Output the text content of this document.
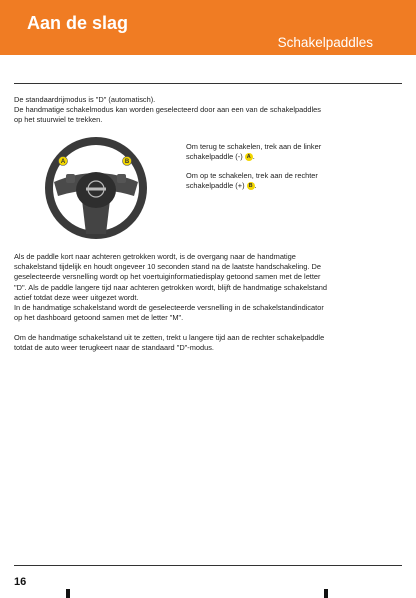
Aan de slag
Schakelpaddles
De standaardrijmodus is "D" (automatisch).
De handmatige schakelmodus kan worden geselecteerd door aan een van de schakelpaddles
op het stuurwiel te trekken.
A	B
Om terug te schakelen, trek aan de linker
schakelpaddle (-) A .
Om op te schakelen, trek aan de rechter
schakelpaddle (+) B .
Als de paddle kort naar achteren getrokken wordt, is de overgang naar de handmatige
schakelstand tijdelijk en houdt ongeveer 10 seconden stand na de laatste handschakeling. De
geselecteerde versnelling wordt op het voertuiginformatiedisplay getoond samen met de letter
"D". Als de paddle langere tijd naar achteren getrokken wordt, blijft de handmatige schakelstand
actief totdat deze weer uitgezet wordt.
In de handmatige schakelstand wordt de geselecteerde versnelling in de schakelstandindicator
op het dashboard getoond samen met de letter "M".
Om de handmatige schakelstand uit te zetten, trekt u langere tijd aan de rechter schakelpaddle
totdat de auto weer terugkeert naar de standaard "D"-modus.
16
